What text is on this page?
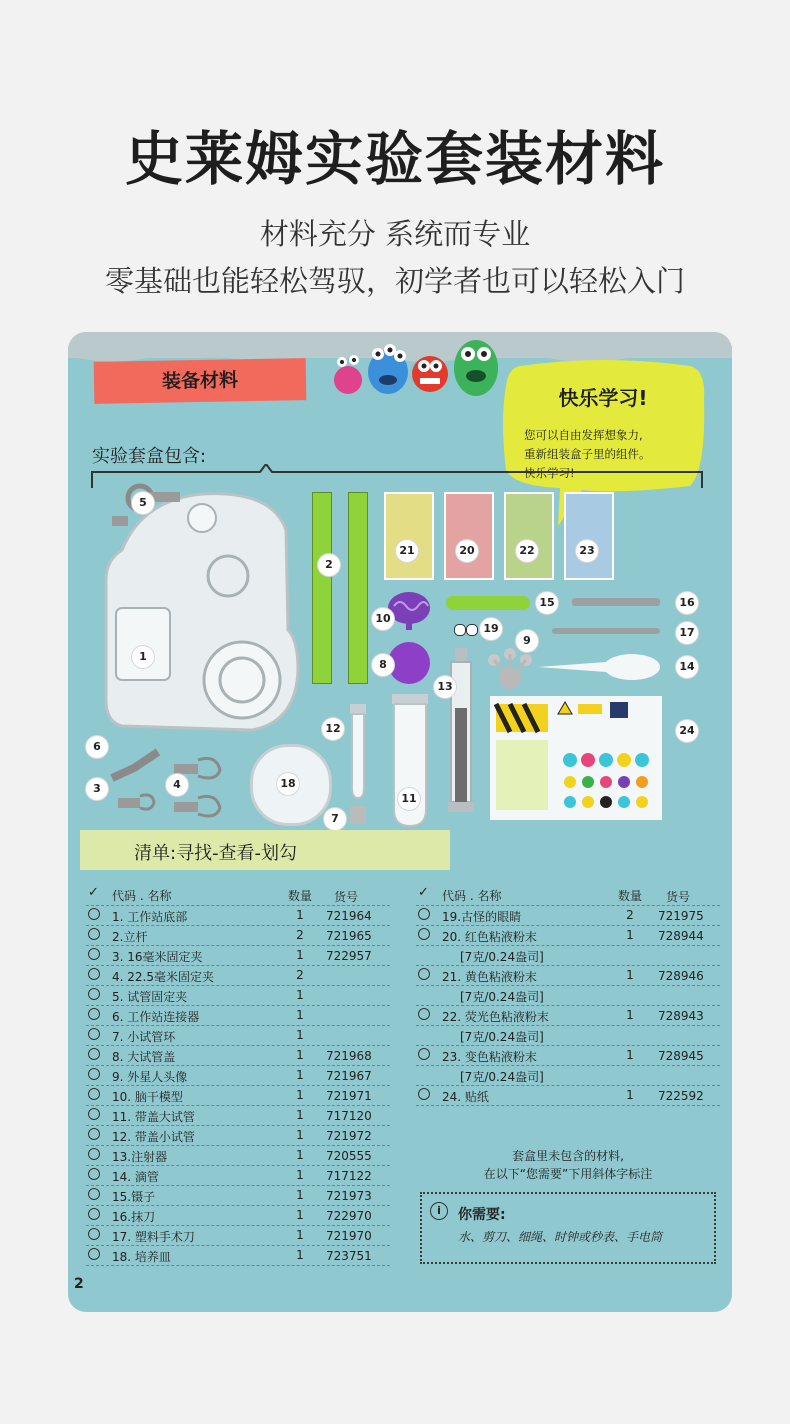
史莱姆实验套装材料
材料充分 系统而专业
零基础也能轻松驾驭，初学者也可以轻松入门
装备材料
快乐学习!
您可以自由发挥想象力,
重新组装盒子里的组件。
快乐学习!
实验套盒包含:
1
5
2
21	20	22	23
10
8
15
19
16
17
9
14
13
11
12
7
18
6
3	4
24
清单:寻找-查看-划勾
✓ 代码 . 名称	数量	货号
1. 工作站底部	1	721964
2.立杆	2	721965
3. 16毫米固定夹	1	722957
4. 22.5毫米固定夹	2
5. 试管固定夹	1
6. 工作站连接器	1
7. 小试管环	1
8. 大试管盖	1	721968
9. 外星人头像	1	721967
10. 脑干模型	1	721971
11. 带盖大试管	1	717120
12. 带盖小试管	1	721972
13.注射器	1	720555
14. 滴管	1	717122
15.镊子	1	721973
16.抹刀	1	722970
17. 塑料手术刀	1	721970
18. 培养皿	1	723751
✓ 代码 . 名称	数量	货号
19.古怪的眼睛	2	721975
20. 红色粘液粉末	1	728944
[7克/0.24盎司]
21. 黄色粘液粉末	1	728946
[7克/0.24盎司]
22. 荧光色粘液粉末	1	728943
[7克/0.24盎司]
23. 变色粘液粉末	1	728945
[7克/0.24盎司]
24. 贴纸	1	722592
套盒里未包含的材料,
在以下“您需要”下用斜体字标注
i	你需要:
水、剪刀、细绳、时钟或秒表、手电筒
2
